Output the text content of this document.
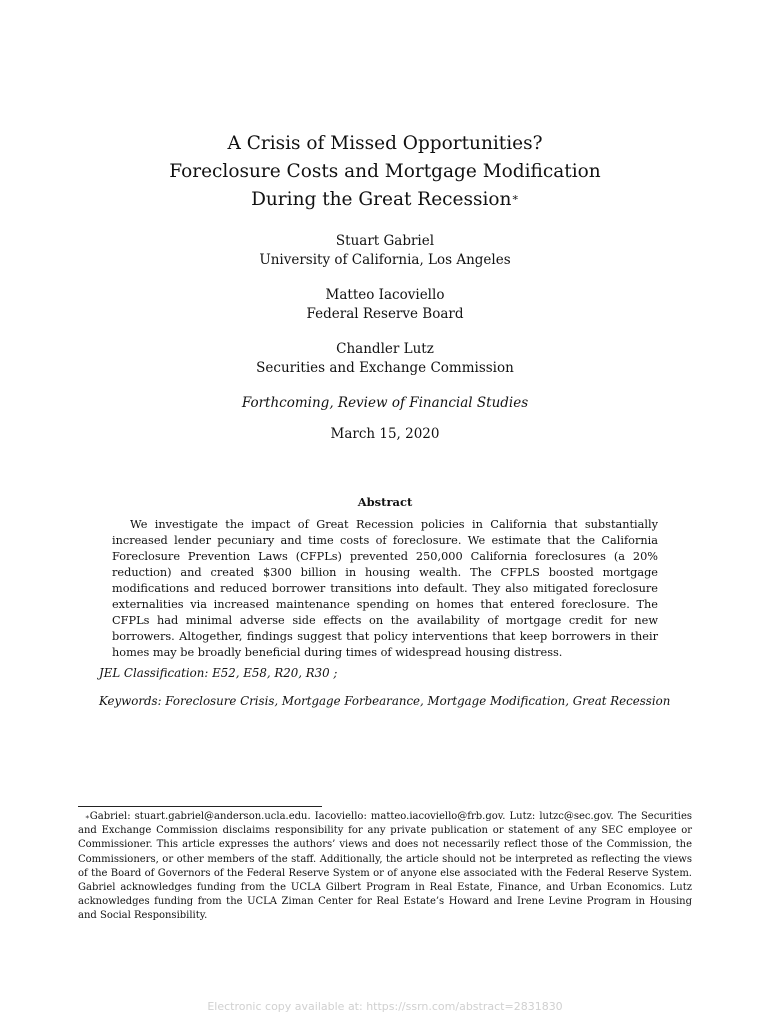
A Crisis of Missed Opportunities?
Foreclosure Costs and Mortgage Modification
During the Great Recession∗
Stuart Gabriel
University of California, Los Angeles
Matteo Iacoviello
Federal Reserve Board
Chandler Lutz
Securities and Exchange Commission
Forthcoming, Review of Financial Studies
March 15, 2020
Abstract

We investigate the impact of Great Recession policies in California that substantially increased lender pecuniary and time costs of foreclosure. We estimate that the California Foreclosure Prevention Laws (CFPLs) prevented 250,000 California foreclosures (a 20% reduction) and created $300 billion in housing wealth. The CFPLS boosted mortgage modifications and reduced borrower transitions into default. They also mitigated foreclosure externalities via increased maintenance spending on homes that entered foreclosure. The CFPLs had minimal adverse side effects on the availability of mortgage credit for new borrowers. Altogether, findings suggest that policy interventions that keep borrowers in their homes may be broadly beneficial during times of widespread housing distress.

JEL Classification: E52, E58, R20, R30 ;
Keywords: Foreclosure Crisis, Mortgage Forbearance, Mortgage Modification, Great Recession

∗Gabriel: stuart.gabriel@anderson.ucla.edu. Iacoviello: matteo.iacoviello@frb.gov. Lutz: lutzc@sec.gov. The Securities and Exchange Commission disclaims responsibility for any private publication or statement of any SEC employee or Commissioner. This article expresses the authors’ views and does not necessarily reflect those of the Commission, the Commissioners, or other members of the staff. Additionally, the article should not be interpreted as reflecting the views of the Board of Governors of the Federal Reserve System or of anyone else associated with the Federal Reserve System. Gabriel acknowledges funding from the UCLA Gilbert Program in Real Estate, Finance, and Urban Economics. Lutz acknowledges funding from the UCLA Ziman Center for Real Estate’s Howard and Irene Levine Program in Housing and Social Responsibility.

Electronic copy available at: https://ssrn.com/abstract=2831830
